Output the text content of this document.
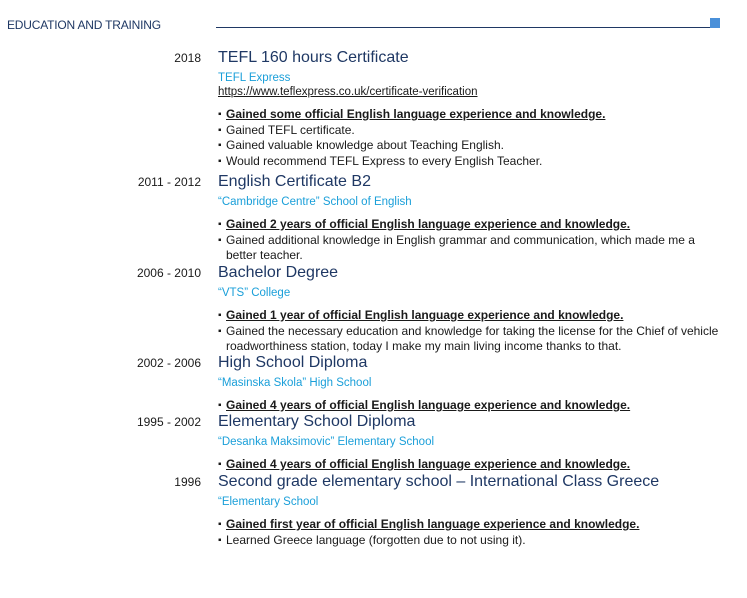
EDUCATION AND TRAINING
2018 TEFL 160 hours Certificate
TEFL Express
https://www.teflexpress.co.uk/certificate-verification
▪ Gained some official English language experience and knowledge.
▪ Gained TEFL certificate.
▪ Gained valuable knowledge about Teaching English.
▪ Would recommend TEFL Express to every English Teacher.
2011 - 2012 English Certificate B2
“Cambridge Centre” School of English
▪ Gained 2 years of official English language experience and knowledge.
▪ Gained additional knowledge in English grammar and communication, which made me a better teacher.
2006 - 2010 Bachelor Degree
“VTS” College
▪ Gained 1 year of official English language experience and knowledge.
▪ Gained the necessary education and knowledge for taking the license for the Chief of vehicle roadworthiness station, today I make my main living income thanks to that.
2002 - 2006 High School Diploma
“Masinska Skola” High School
▪ Gained 4 years of official English language experience and knowledge.
1995 - 2002 Elementary School Diploma
“Desanka Maksimovic” Elementary School
▪ Gained 4 years of official English language experience and knowledge.
1996 Second grade elementary school – International Class Greece
“Elementary School
▪ Gained first year of official English language experience and knowledge.
▪ Learned Greece language (forgotten due to not using it).
